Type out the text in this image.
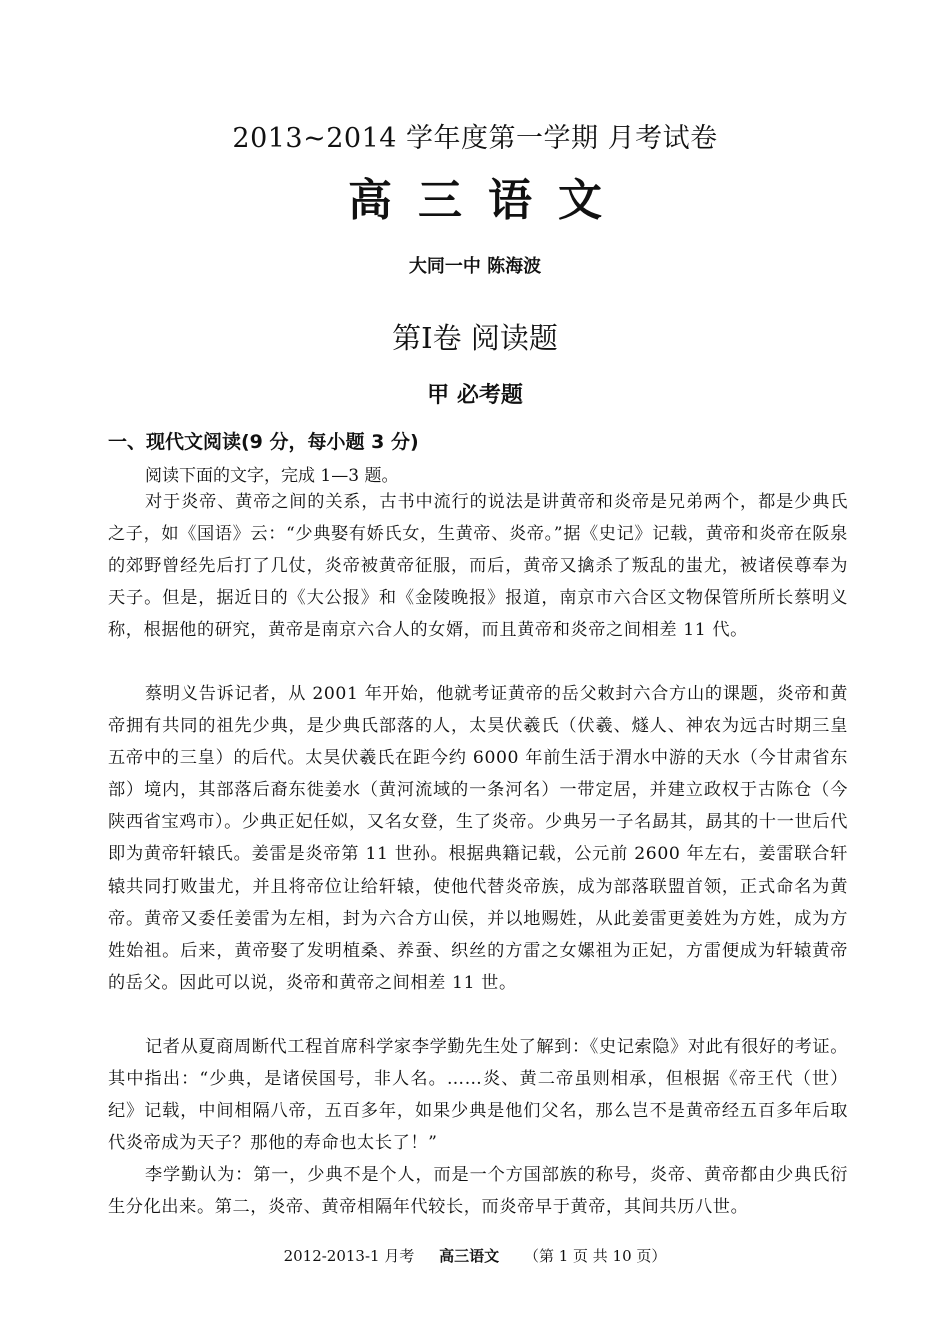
2013~2014 学年度第一学期 月考试卷
高三语文
大同一中 陈海波
第Ⅰ卷 阅读题
甲 必考题
一、现代文阅读(9 分，每小题 3 分)
阅读下面的文字，完成 1—3 题。

对于炎帝、黄帝之间的关系，古书中流行的说法是讲黄帝和炎帝是兄弟两个，都是少典氏之子，如《国语》云：“少典娶有娇氏女，生黄帝、炎帝。”据《史记》记载，黄帝和炎帝在阪泉的郊野曾经先后打了几仗，炎帝被黄帝征服，而后，黄帝又擒杀了叛乱的蚩尤，被诸侯尊奉为天子。但是，据近日的《大公报》和《金陵晚报》报道，南京市六合区文物保管所所长蔡明义称，根据他的研究，黄帝是南京六合人的女婿，而且黄帝和炎帝之间相差 11 代。

蔡明义告诉记者，从 2001 年开始，他就考证黄帝的岳父敕封六合方山的课题，炎帝和黄帝拥有共同的祖先少典，是少典氏部落的人，太昊伏羲氏（伏羲、燧人、神农为远古时期三皇五帝中的三皇）的后代。太昊伏羲氏在距今约 6000 年前生活于渭水中游的天水（今甘肃省东部）境内，其部落后裔东徙姜水（黄河流域的一条河名）一带定居，并建立政权于古陈仓（今陕西省宝鸡市）。少典正妃任姒，又名女登，生了炎帝。少典另一子名勗其，勗其的十一世后代即为黄帝轩辕氏。姜雷是炎帝第 11 世孙。根据典籍记载，公元前 2600 年左右，姜雷联合轩辕共同打败蚩尤，并且将帝位让给轩辕，使他代替炎帝族，成为部落联盟首领，正式命名为黄帝。黄帝又委任姜雷为左相，封为六合方山侯，并以地赐姓，从此姜雷更姜姓为方姓，成为方姓始祖。后来，黄帝娶了发明植桑、养蚕、织丝的方雷之女嫘祖为正妃，方雷便成为轩辕黄帝的岳父。因此可以说，炎帝和黄帝之间相差 11 世。

记者从夏商周断代工程首席科学家李学勤先生处了解到：《史记索隐》对此有很好的考证。其中指出：“少典，是诸侯国号，非人名。……炎、黄二帝虽则相承，但根据《帝王代（世）纪》记载，中间相隔八帝，五百多年，如果少典是他们父名，那么岂不是黄帝经五百多年后取代炎帝成为天子？那他的寿命也太长了！”

李学勤认为：第一，少典不是个人，而是一个方国部族的称号，炎帝、黄帝都由少典氏衍生分化出来。第二，炎帝、黄帝相隔年代较长，而炎帝早于黄帝，其间共历八世。

2012-2013-1 月考 高三语文 （第 1 页 共 10 页）
